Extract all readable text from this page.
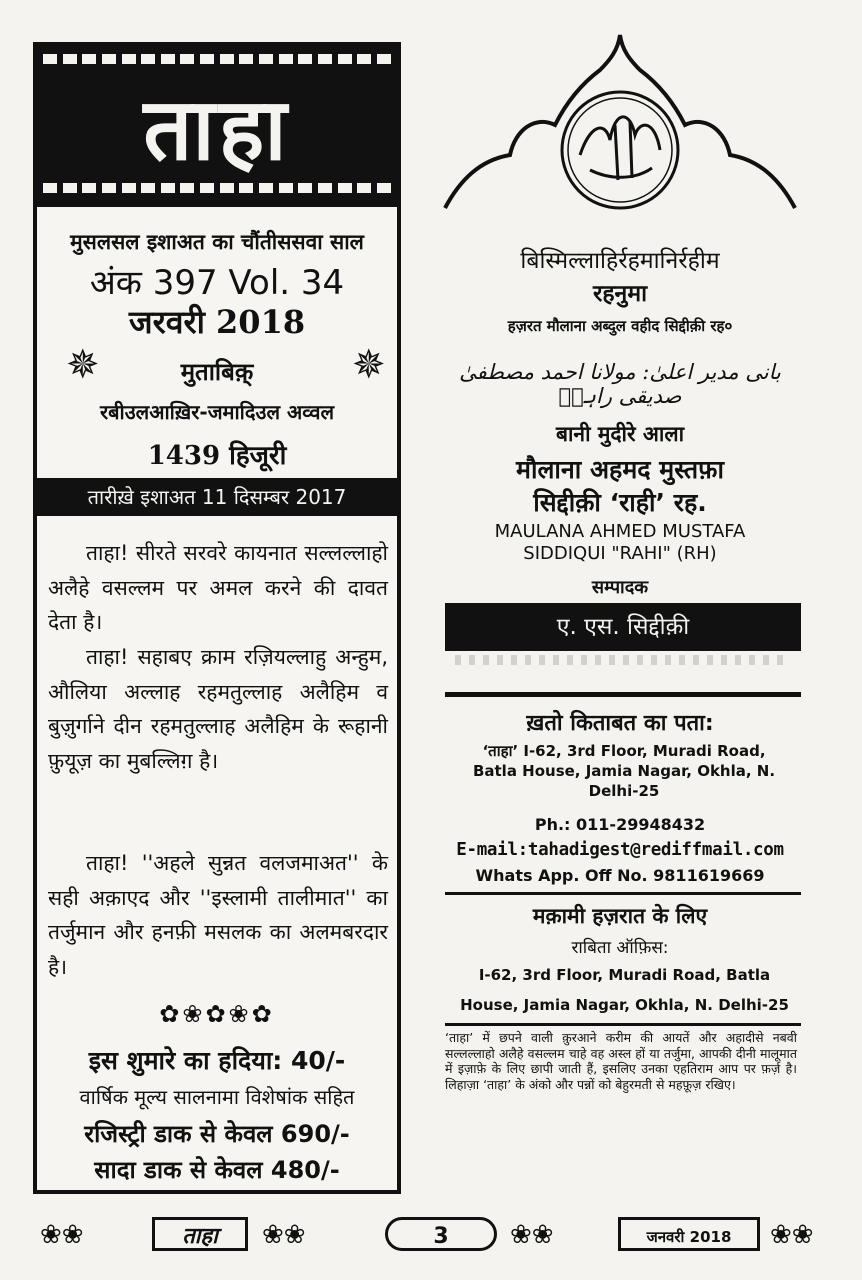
ताहा
मुसलसल इशाअत का चौंतीससवा साल
अंक 397 Vol. 34
जरवरी 2018
✵	✵
मुताबिक़्
रबीउलआख़िर-जमादिउल अव्वल
1439 हिजूरी
तारीख़े इशाअत 11 दिसम्बर 2017
ताहा! सीरते सरवरे कायनात सल्लल्लाहो अलैहे वसल्लम पर अमल करने की दावत देता है।
ताहा! सहाबए क्राम रज़ियल्लाहु अन्हुम, औलिया अल्लाह रहमतुल्लाह अलैहिम व बुज़ुर्गाने दीन रहमतुल्लाह अलैहिम के रूहानी फ़ुयूज़ का मुबल्लिग़ है।
ताहा! ''अहले सुन्नत वलजमाअत'' के सही अक़ाएद और ''इस्लामी तालीमात'' का तर्जुमान और हनफ़ी मसलक का अलमबरदार है।
✿❀✿❀✿
इस शुमारे का हदिया: 40/-
वार्षिक मूल्य सालनामा विशेषांक सहित
रजिस्ट्री डाक से केवल 690/-
सादा डाक से केवल 480/-
बिस्मिल्लाहिर्रहमानिर्रहीम
रहनुमा
हज़रत मौलाना अब्दुल वहीद सिद्दीक़ी रह०
بانی مدیر اعلیٰ: مولانا احمد مصطفیٰ صدیقی راہیؔ
बानी मुदीरे आला
मौलाना अहमद मुस्तफ़ा
सिद्दीक़ी ‘राही’ रह.
MAULANA AHMED MUSTAFA
SIDDIQUI "RAHI" (RH)
सम्पादक
ए. एस. सिद्दीक़ी
ख़तो किताबत का पता:
‘ताहा’ I-62, 3rd Floor, Muradi Road, Batla House, Jamia Nagar, Okhla, N. Delhi-25
Ph.: 011-29948432
E-mail:tahadigest@rediffmail.com
Whats App. Off No. 9811619669
मक़ामी हज़रात के लिए
राबिता ऑफ़िस:
I-62, 3rd Floor, Muradi Road, Batla House, Jamia Nagar, Okhla, N. Delhi-25
‘ताहा’ में छपने वाली क़ुरआने करीम की आयतें और अहादीसे नबवी सल्लल्लाहो अलैहे वसल्लम चाहे वह अस्ल हों या तर्जुमा, आपकी दीनी मालूमात में इज़ाफ़े के लिए छापी जाती हैं, इसलिए उनका एहतिराम आप पर फ़र्ज़ है। लिहाज़ा ‘ताहा’ के अंको और पन्नों को बेहुरमती से महफ़ूज़ रखिए।
❀❀	ताहा	❀❀	3	❀❀	जनवरी 2018	❀❀
